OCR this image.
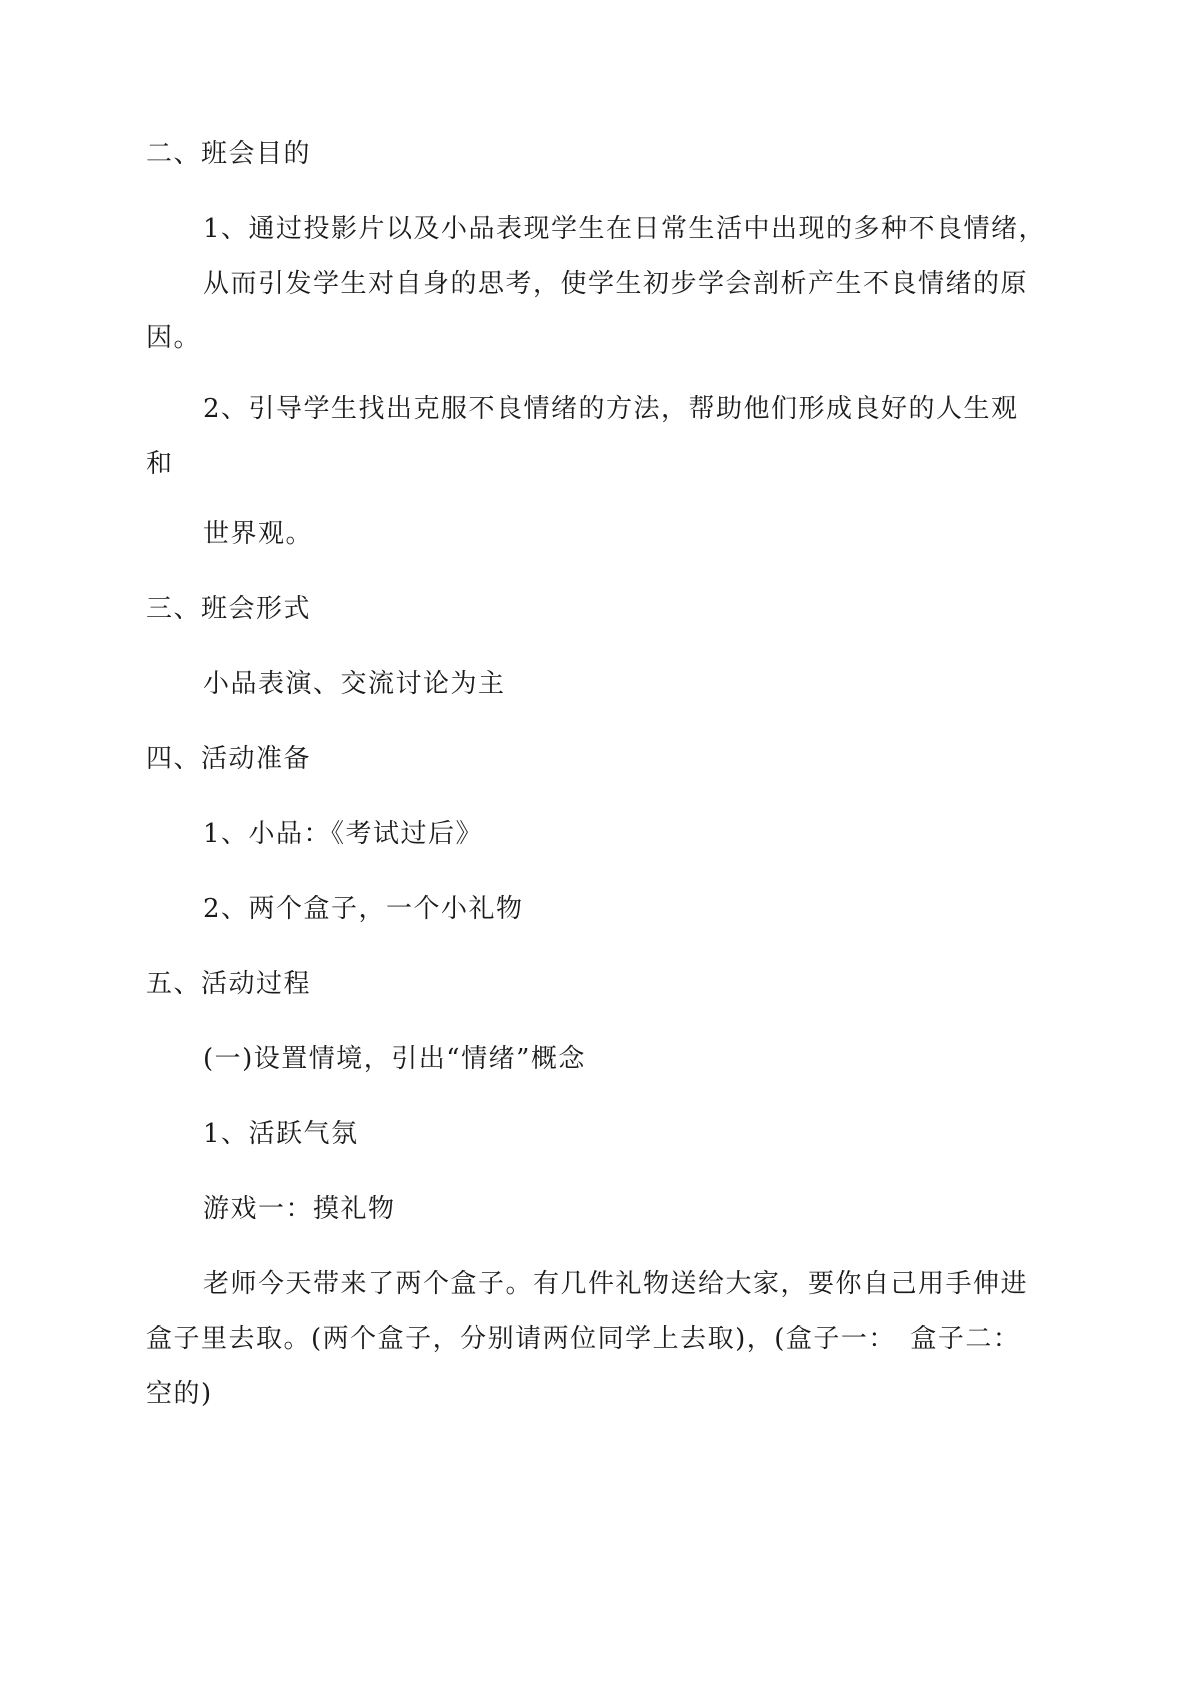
二、班会目的

1、通过投影片以及小品表现学生在日常生活中出现的多种不良情绪，

从而引发学生对自身的思考，使学生初步学会剖析产生不良情绪的原

因。

2、引导学生找出克服不良情绪的方法，帮助他们形成良好的人生观

和

世界观。

三、班会形式

小品表演、交流讨论为主

四、活动准备

1、小品：《考试过后》

2、两个盒子，一个小礼物

五、活动过程

(一)设置情境，引出“情绪”概念

1、活跃气氛

游戏一：摸礼物

老师今天带来了两个盒子。有几件礼物送给大家，要你自己用手伸进

盒子里去取。(两个盒子，分别请两位同学上去取)，(盒子一：　盒子二：

空的)
